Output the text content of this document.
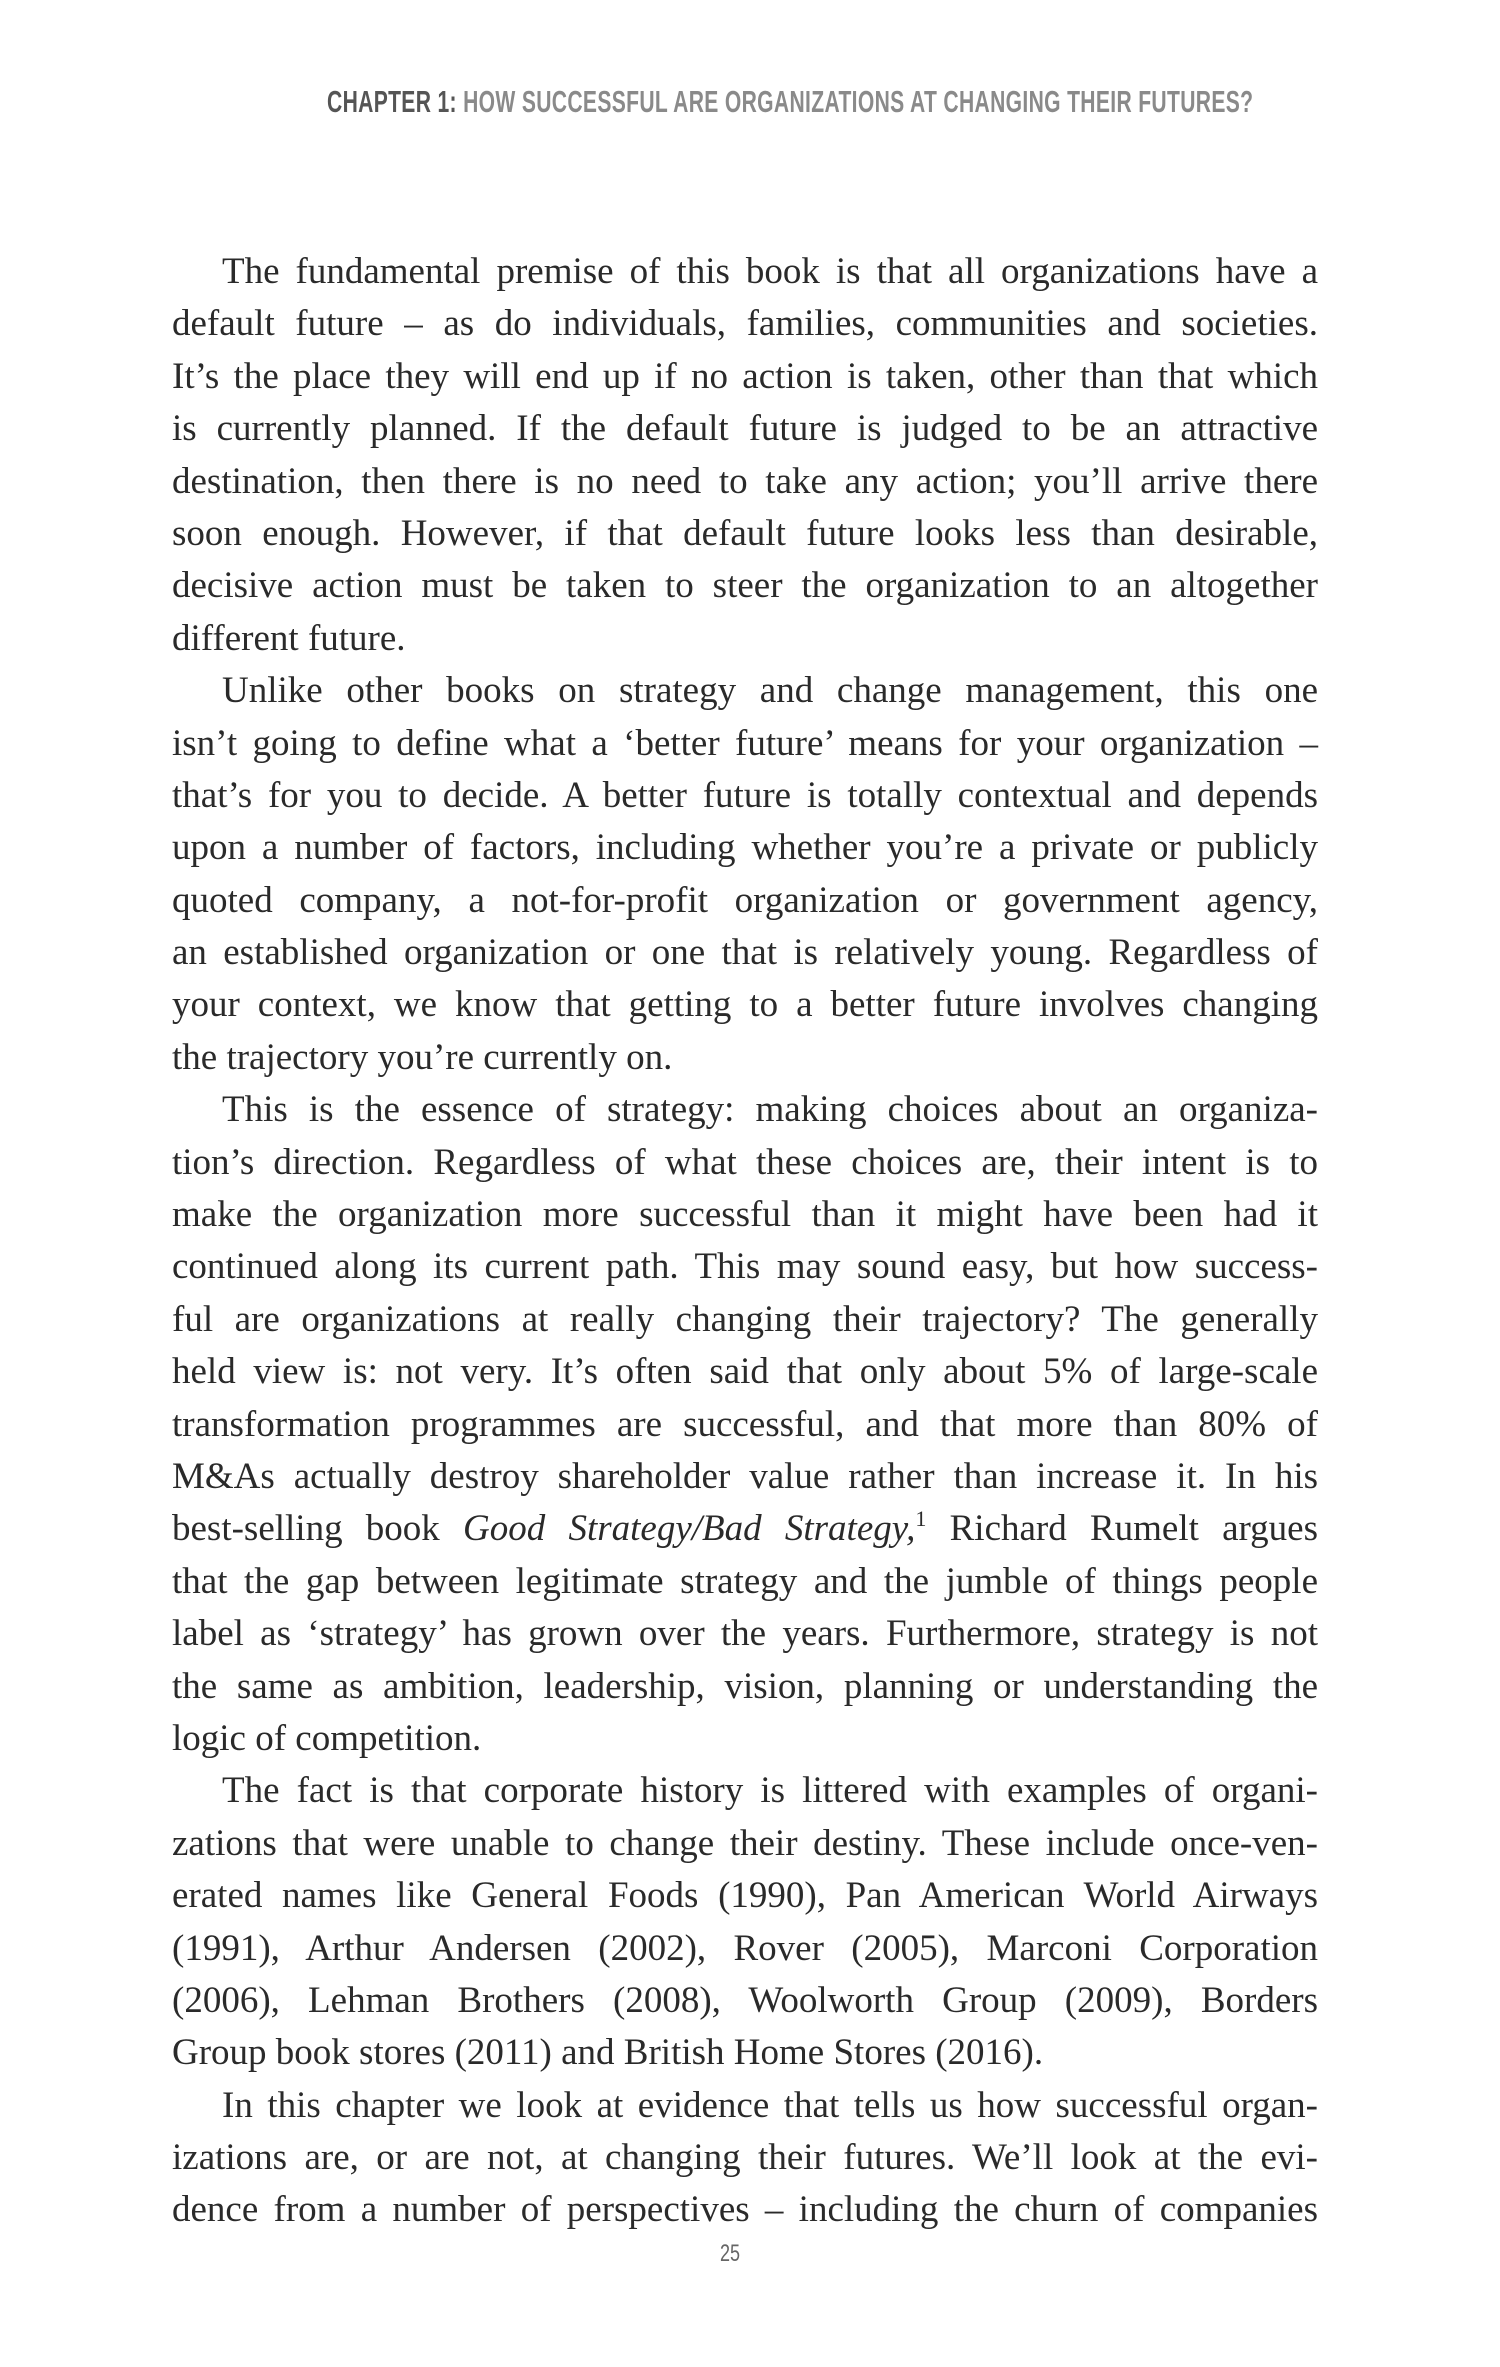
CHAPTER 1: HOW SUCCESSFUL ARE ORGANIZATIONS AT CHANGING THEIR FUTURES?
The fundamental premise of this book is that all organizations have a
default future – as do individuals, families, communities and societies.
It’s the place they will end up if no action is taken, other than that which
is currently planned. If the default future is judged to be an attractive
destination, then there is no need to take any action; you’ll arrive there
soon enough. However, if that default future looks less than desirable,
decisive action must be taken to steer the organization to an altogether
different future.
Unlike other books on strategy and change management, this one
isn’t going to define what a ‘better future’ means for your organization –
that’s for you to decide. A better future is totally contextual and depends
upon a number of factors, including whether you’re a private or publicly
quoted company, a not-for-profit organization or government agency,
an established organization or one that is relatively young. Regardless of
your context, we know that getting to a better future involves changing
the trajectory you’re currently on.
This is the essence of strategy: making choices about an organiza-
tion’s direction. Regardless of what these choices are, their intent is to
make the organization more successful than it might have been had it
continued along its current path. This may sound easy, but how success-
ful are organizations at really changing their trajectory? The generally
held view is: not very. It’s often said that only about 5% of large-scale
transformation programmes are successful, and that more than 80% of
M&As actually destroy shareholder value rather than increase it. In his
best-selling book Good Strategy/Bad Strategy,$^1$ Richard Rumelt argues
that the gap between legitimate strategy and the jumble of things people
label as ‘strategy’ has grown over the years. Furthermore, strategy is not
the same as ambition, leadership, vision, planning or understanding the
logic of competition.
The fact is that corporate history is littered with examples of organi-
zations that were unable to change their destiny. These include once-ven-
erated names like General Foods (1990), Pan American World Airways
(1991), Arthur Andersen (2002), Rover (2005), Marconi Corporation
(2006), Lehman Brothers (2008), Woolworth Group (2009), Borders
Group book stores (2011) and British Home Stores (2016).
In this chapter we look at evidence that tells us how successful organ-
izations are, or are not, at changing their futures. We’ll look at the evi-
dence from a number of perspectives – including the churn of companies
25
